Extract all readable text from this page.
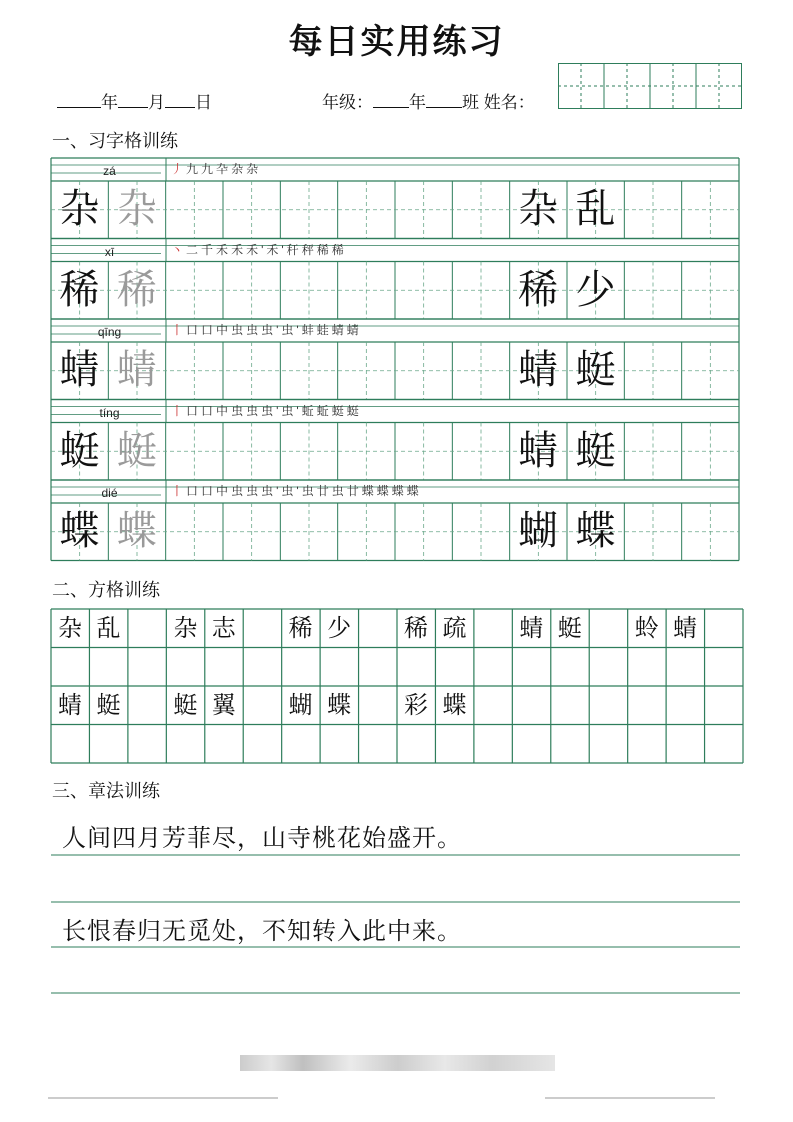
每日实用练习
年 月 日	年级： 年 班 姓名：
一、习字格训练
二、方格训练
三、章法训练
zá	丿九九卆杂杂
杂 杂	杂 乱
xī	丶二千禾禾禾'禾'秆秤稀稀
稀 稀	稀 少
qīng	丨口口中虫虫虫'虫'蚌蛙蜻蜻
蜻 蜻	蜻 蜓
tíng	丨口口中虫虫虫'虫'蚯蚯蜓蜓
蜓 蜓	蜻 蜓
dié	丨口口中虫虫虫'虫'虫廿虫廿蝶蝶蝶蝶
蝶 蝶	蝴 蝶
杂 乱 杂 志 稀 少 稀 疏 蜻 蜓 蛉 蜻
蜻 蜓 蜓 翼 蝴 蝶 彩 蝶
人间四月芳菲尽，山寺桃花始盛开。
长恨春归无觅处，不知转入此中来。
